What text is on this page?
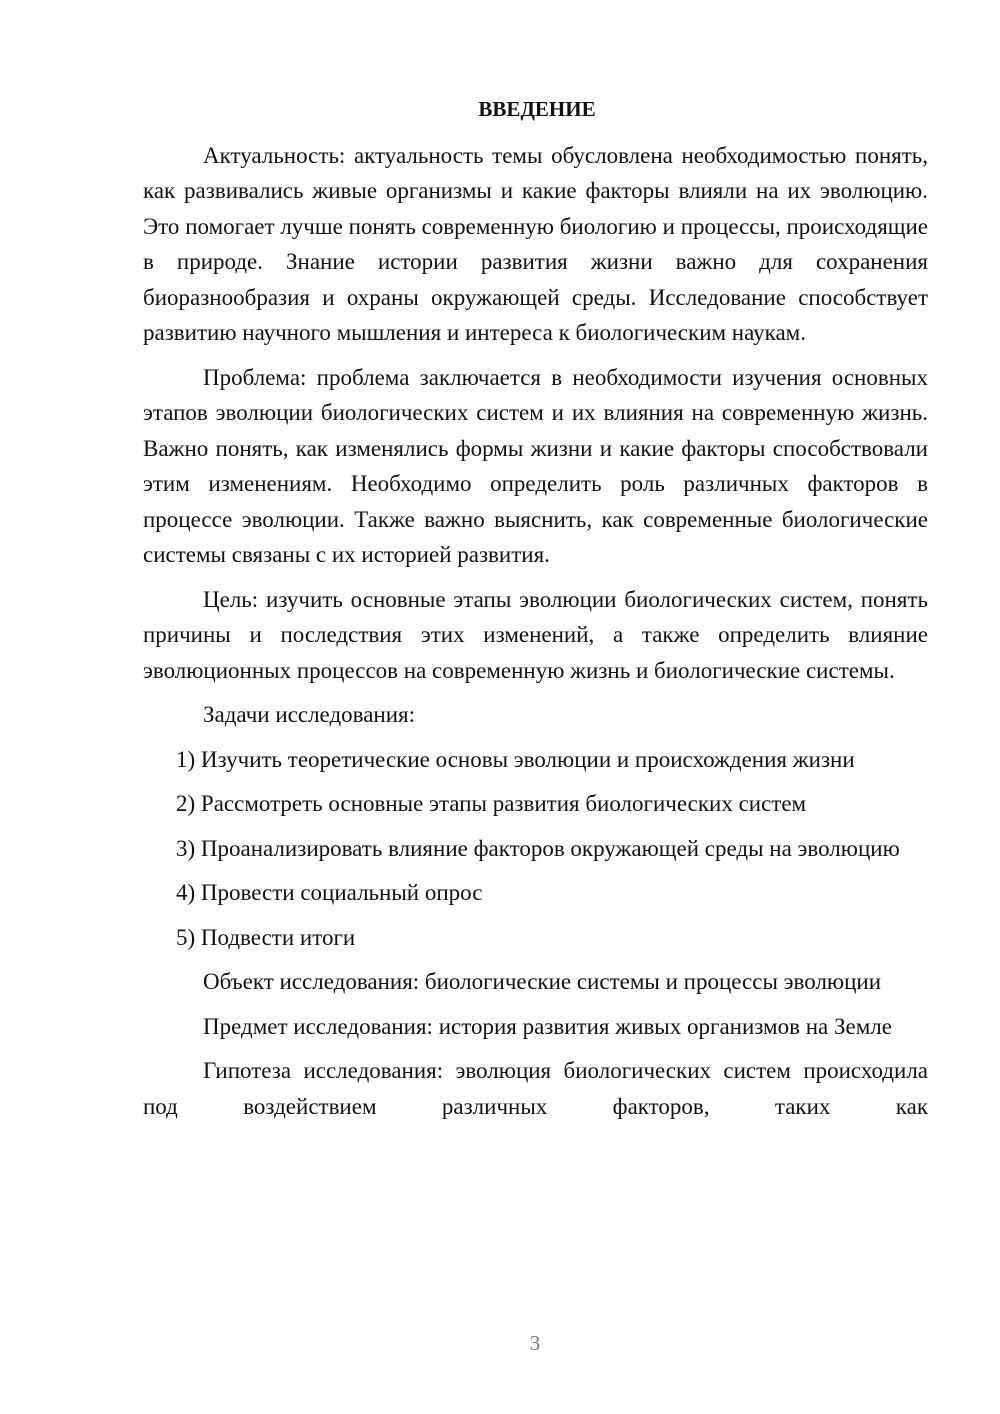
ВВЕДЕНИЕ

Актуальность: актуальность темы обусловлена необходимостью понять, как развивались живые организмы и какие факторы влияли на их эволюцию. Это помогает лучше понять современную биологию и процессы, происходящие в природе. Знание истории развития жизни важно для сохранения биоразнообразия и охраны окружающей среды. Исследование способствует развитию научного мышления и интереса к биологическим наукам.

Проблема: проблема заключается в необходимости изучения основных этапов эволюции биологических систем и их влияния на современную жизнь. Важно понять, как изменялись формы жизни и какие факторы способствовали этим изменениям. Необходимо определить роль различных факторов в процессе эволюции. Также важно выяснить, как современные биологические системы связаны с их историей развития.

Цель: изучить основные этапы эволюции биологических систем, понять причины и последствия этих изменений, а также определить влияние эволюционных процессов на современную жизнь и биологические системы.

Задачи исследования:

1) Изучить теоретические основы эволюции и происхождения жизни

2) Рассмотреть основные этапы развития биологических систем

3) Проанализировать влияние факторов окружающей среды на эволюцию

4) Провести социальный опрос

5) Подвести итоги

Объект исследования: биологические системы и процессы эволюции

Предмет исследования: история развития живых организмов на Земле

Гипотеза исследования: эволюция биологических систем происходила под воздействием различных факторов, таких как

3
